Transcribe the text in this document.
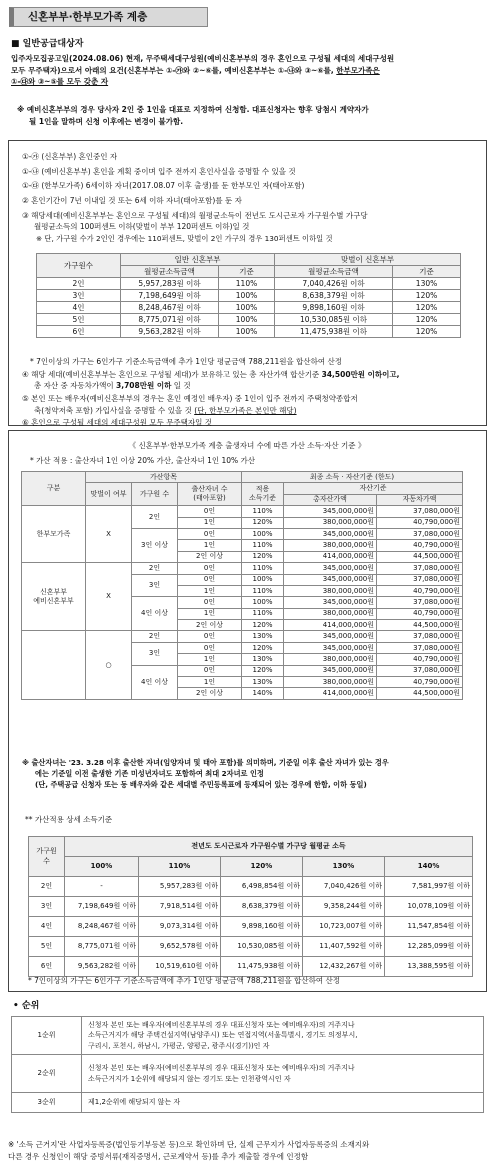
신혼부부·한부모가족 계층
■ 일반공급대상자
입주자모집공고일(2024.08.06) 현재, 무주택세대구성원(예비신혼부부의 경우 혼인으로 구성될 세대의 세대구성원
모두 무주택자)으로서 아래의 요건(신혼부부는 ①-㉮와 ②~⑥를, 예비신혼부부는 ①-㉯와 ③~⑥를, 한부모가족은
①-㉰와 ③~⑤를 모두 갖춘 자
※ 예비신혼부부의 경우 당사자 2인 중 1인을 대표로 지정하여 신청함. 대표신청자는 향후 당첨시 계약자가
될 1인을 말하며 신청 이후에는 변경이 불가함.
①-㉮ (신혼부부) 혼인중인 자
①-㉯ (예비신혼부부) 혼인을 계획 중이며 입주 전까지 혼인사실을 증명할 수 있을 것
①-㉰ (한부모가족) 6세이하 자녀(2017.08.07 이후 출생)를 둔 한부모인 자(태아포함)
② 혼인기간이 7년 이내일 것 또는 6세 이하 자녀(태아포함)를 둔 자
③ 해당세대(예비신혼부부는 혼인으로 구성될 세대)의 월평균소득이 전년도 도시근로자 가구원수별 가구당
월평균소득의 100퍼센트 이하(맞벌이 부부 120퍼센트 이하)일 것
※ 단, 가구원 수가 2인인 경우에는 110퍼센트, 맞벌이 2인 가구의 경우 130퍼센트 이하일 것
가구원수	일반 신혼부부		맞벌이 신혼부부	
	월평균소득금액	기준	월평균소득금액	기준
2인	5,957,283원 이하	110%	7,040,426원 이하	130%
3인	7,198,649원 이하	100%	8,638,379원 이하	120%
4인	8,248,467원 이하	100%	9,898,160원 이하	120%
5인	8,775,071원 이하	100%	10,530,085원 이하	120%
6인	9,563,282원 이하	100%	11,475,938원 이하	120%
* 7인이상의 가구는 6인가구 기준소득금액에 추가 1인당 평균금액 788,211원을 합산하여 산정
④ 해당 세대(예비신혼부부는 혼인으로 구성될 세대)가 보유하고 있는 총 자산가액 합산기준 34,500만원 이하이고,
총 자산 중 자동차가액이 3,708만원 이하 일 것
⑤ 본인 또는 배우자(예비신혼부부의 경우는 혼인 예정인 배우자) 중 1인이 입주 전까지 주택청약종합저
축(청약저축 포함) 가입사실을 증명할 수 있을 것 (단, 한부모가족은 본인만 해당)
⑥ 혼인으로 구성될 세대의 세대구성원 모두 무주택자일 것
《 신혼부부·한부모가족 계층 출생자녀 수에 따른 가산 소득·자산 기준 》
* 가산 적용 : 출산자녀 1인 이상 20% 가산, 출산자녀 1인 10% 가산
구분	가산항목			최종 소득 · 자산기준 (한도)		
	맞벌이 여부	가구원 수	출산자녀 수
(태아포함)	적용
소득기준	자산기준	
					총자산가액	자동차가액
한부모가족	X	2인	0인	110%	345,000,000원	37,080,000원
			1인	120%	380,000,000원	40,790,000원
		3인 이상	0인	100%	345,000,000원	37,080,000원
			1인	110%	380,000,000원	40,790,000원
			2인 이상	120%	414,000,000원	44,500,000원
신혼부부
예비신혼부부	X	2인	0인	110%	345,000,000원	37,080,000원
		3인	0인	100%	345,000,000원	37,080,000원
			1인	110%	380,000,000원	40,790,000원
		4인 이상	0인	100%	345,000,000원	37,080,000원
			1인	110%	380,000,000원	40,790,000원
			2인 이상	120%	414,000,000원	44,500,000원
	○	2인	0인	130%	345,000,000원	37,080,000원
		3인	0인	120%	345,000,000원	37,080,000원
			1인	130%	380,000,000원	40,790,000원
		4인 이상	0인	120%	345,000,000원	37,080,000원
			1인	130%	380,000,000원	40,790,000원
			2인 이상	140%	414,000,000원	44,500,000원
※ 출산자녀는 '23. 3.28 이후 출산한 자녀(임양자녀 및 태아 포함)를 의미하며, 기준일 이후 출산 자녀가 있는 경우
에는 기준일 이전 출생한 기존 미성년자녀도 포함하여 최대 2자녀로 인정
(단, 주택공급 신청자 또는 동 배우자와 같은 세대별 주민등록표에 등재되어 있는 경우에 한함, 이하 동일)
** 가산적용 상세 소득기준
가구원
수	전년도 도시근로자 가구원수별 가구당 월평균 소득				
	100%	110%	120%	130%	140%
2인	-	5,957,283원 이하	6,498,854원 이하	7,040,426원 이하	7,581,997원 이하
3인	7,198,649원 이하	7,918,514원 이하	8,638,379원 이하	9,358,244원 이하	10,078,109원 이하
4인	8,248,467원 이하	9,073,314원 이하	9,898,160원 이하	10,723,007원 이하	11,547,854원 이하
5인	8,775,071원 이하	9,652,578원 이하	10,530,085원 이하	11,407,592원 이하	12,285,099원 이하
6인	9,563,282원 이하	10,519,610원 이하	11,475,938원 이하	12,432,267원 이하	13,388,595원 이하
* 7인이상의 가구는 6인가구 기준소득금액에 추가 1인당 평균금액 788,211원을 합산하여 산정
• 순위
1순위	신청자 본인 또는 배우자(예비신혼부부의 경우 대표신청자 또는 예비배우자)의 거주지나
소득근거지가 해당 주택건설지역(남양주시) 또는 연접지역(서울특별시, 경기도 의정부시,
구리시, 포천시, 하남시, 가평군, 양평군, 광주시(경기))인 자

2순위	신청자 본인 또는 배우자(예비신혼부부의 경우 대표신청자 또는 예비배우자)의 거주지나
소득근거지가 1순위에 해당되지 않는 경기도 또는 인천광역시인 자

3순위	제1,2순위에 해당되지 않는 자
※ '소득 근거지'란 사업자등록증(법인등기부등본 등)으로 확인하며 단, 실제 근무지가 사업자등록증의 소재지와
다른 경우 신청인이 해당 증빙서류(재직증명서, 근로계약서 등)를 추가 제출할 경우에 인정함
